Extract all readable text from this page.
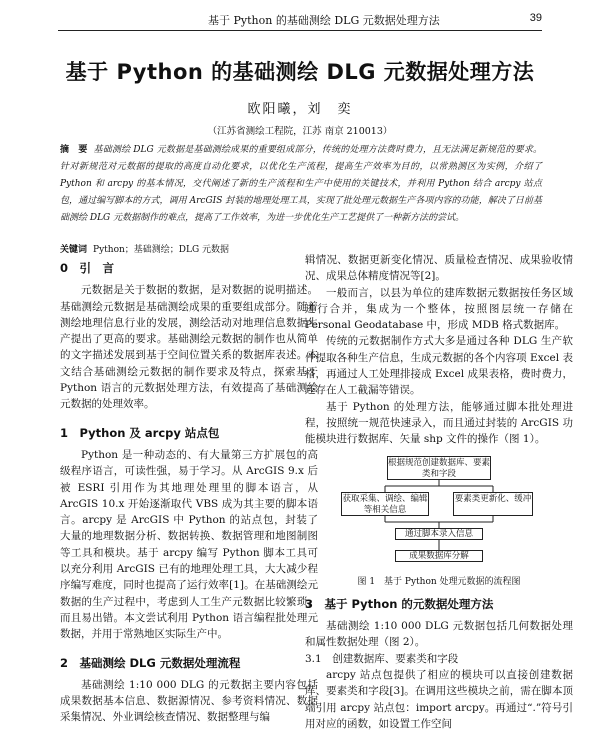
基于 Python 的基础测绘 DLG 元数据处理方法	39
基于 Python 的基础测绘 DLG 元数据处理方法
欧阳曦，刘　奕
（江苏省测绘工程院，江苏 南京 210013）
摘　要 基础测绘 DLG 元数据是基础测绘成果的重要组成部分，传统的处理方法费时费力，且无法满足新规范的要求。针对新规范对元数据的提取的高度自动化要求，以优化生产流程，提高生产效率为目的，以常熟测区为实例，介绍了 Python 和 arcpy 的基本情况，交代阐述了新的生产流程和生产中使用的关键技术，并利用 Python 结合 arcpy 站点包，通过编写脚本的方式，调用 ArcGIS 封装的地理处理工具，实现了批处理元数据生产各项内容的功能，解决了日前基础测绘 DLG 元数据制作的难点，提高了工作效率，为进一步优化生产工艺提供了一种新方法的尝试。
关键词 Python；基础测绘；DLG 元数据
0　引　言

元数据是关于数据的数据，是对数据的说明描述。基础测绘元数据是基础测绘成果的重要组成部分。随着测绘地理信息行业的发展，测绘活动对地理信息数据生产提出了更高的要求。基础测绘元数据的制作也从简单的文字描述发展到基于空间位置关系的数据库表述。本文结合基础测绘元数据的制作要求及特点，探索基于 Python 语言的元数据处理方法，有效提高了基础测绘元数据的处理效率。

1　Python 及 arcpy 站点包

Python 是一种动态的、有大量第三方扩展包的高级程序语言，可读性强，易于学习。从 ArcGIS 9.x 后被 ESRI 引用作为其地理处理里的脚本语言，从 ArcGIS 10.x 开始逐渐取代 VBS 成为其主要的脚本语言。arcpy 是 ArcGIS 中 Python 的站点包，封装了大量的地理数据分析、数据转换、数据管理和地图制图等工具和模块。基于 arcpy 编写 Python 脚本工具可以充分利用 ArcGIS 已有的地理处理工具，大大减少程序编写难度，同时也提高了运行效率[1]。在基础测绘元数据的生产过程中，考虑到人工生产元数据比较繁琐，而且易出错。本文尝试利用 Python 语言编程批处理元数据，并用于常熟地区实际生产中。

2　基础测绘 DLG 元数据处理流程

基础测绘 1:10 000 DLG 的元数据主要内容包括成果数据基本信息、数据源情况、参考资料情况、数据采集情况、外业调绘核查情况、数据整理与编

辑情况、数据更新变化情况、质量检查情况、成果验收情况、成果总体精度情况等[2]。

一般而言，以县为单位的建库数据元数据按任务区域进行合并，集成为一个整体，按照图层统一存储在 Personal Geodatabase 中，形成 MDB 格式数据库。

传统的元数据制作方式大多是通过各种 DLG 生产软件提取各种生产信息，生成元数据的各个内容项 Excel 表格，再通过人工处理排接成 Excel 成果表格，费时费力，还存在人工截漏等错误。

基于 Python 的处理方法，能够通过脚本批处理进程，按照统一规范快速录入，而且通过封装的 ArcGIS 功能模块进行数据库、矢量 shp 文件的操作（图 1）。

根据规范创建数据库、要素类和字段
获取采集、调绘、编辑等相关信息
要素类更新化、缓冲
通过脚本录入信息
成果数据库分解
图 1　基于 Python 处理元数据的流程图
3　基于 Python 的元数据处理方法

基础测绘 1:10 000 DLG 元数据包括几何数据处理和属性数据处理（图 2）。

3.1　创建数据库、要素类和字段

arcpy 站点包提供了相应的模块可以直接创建数据库、要素类和字段[3]。在调用这些模块之前，需在脚本顶端引用 arcpy 站点包：import arcpy。再通过“.”符号引用对应的函数，如设置工作空间
